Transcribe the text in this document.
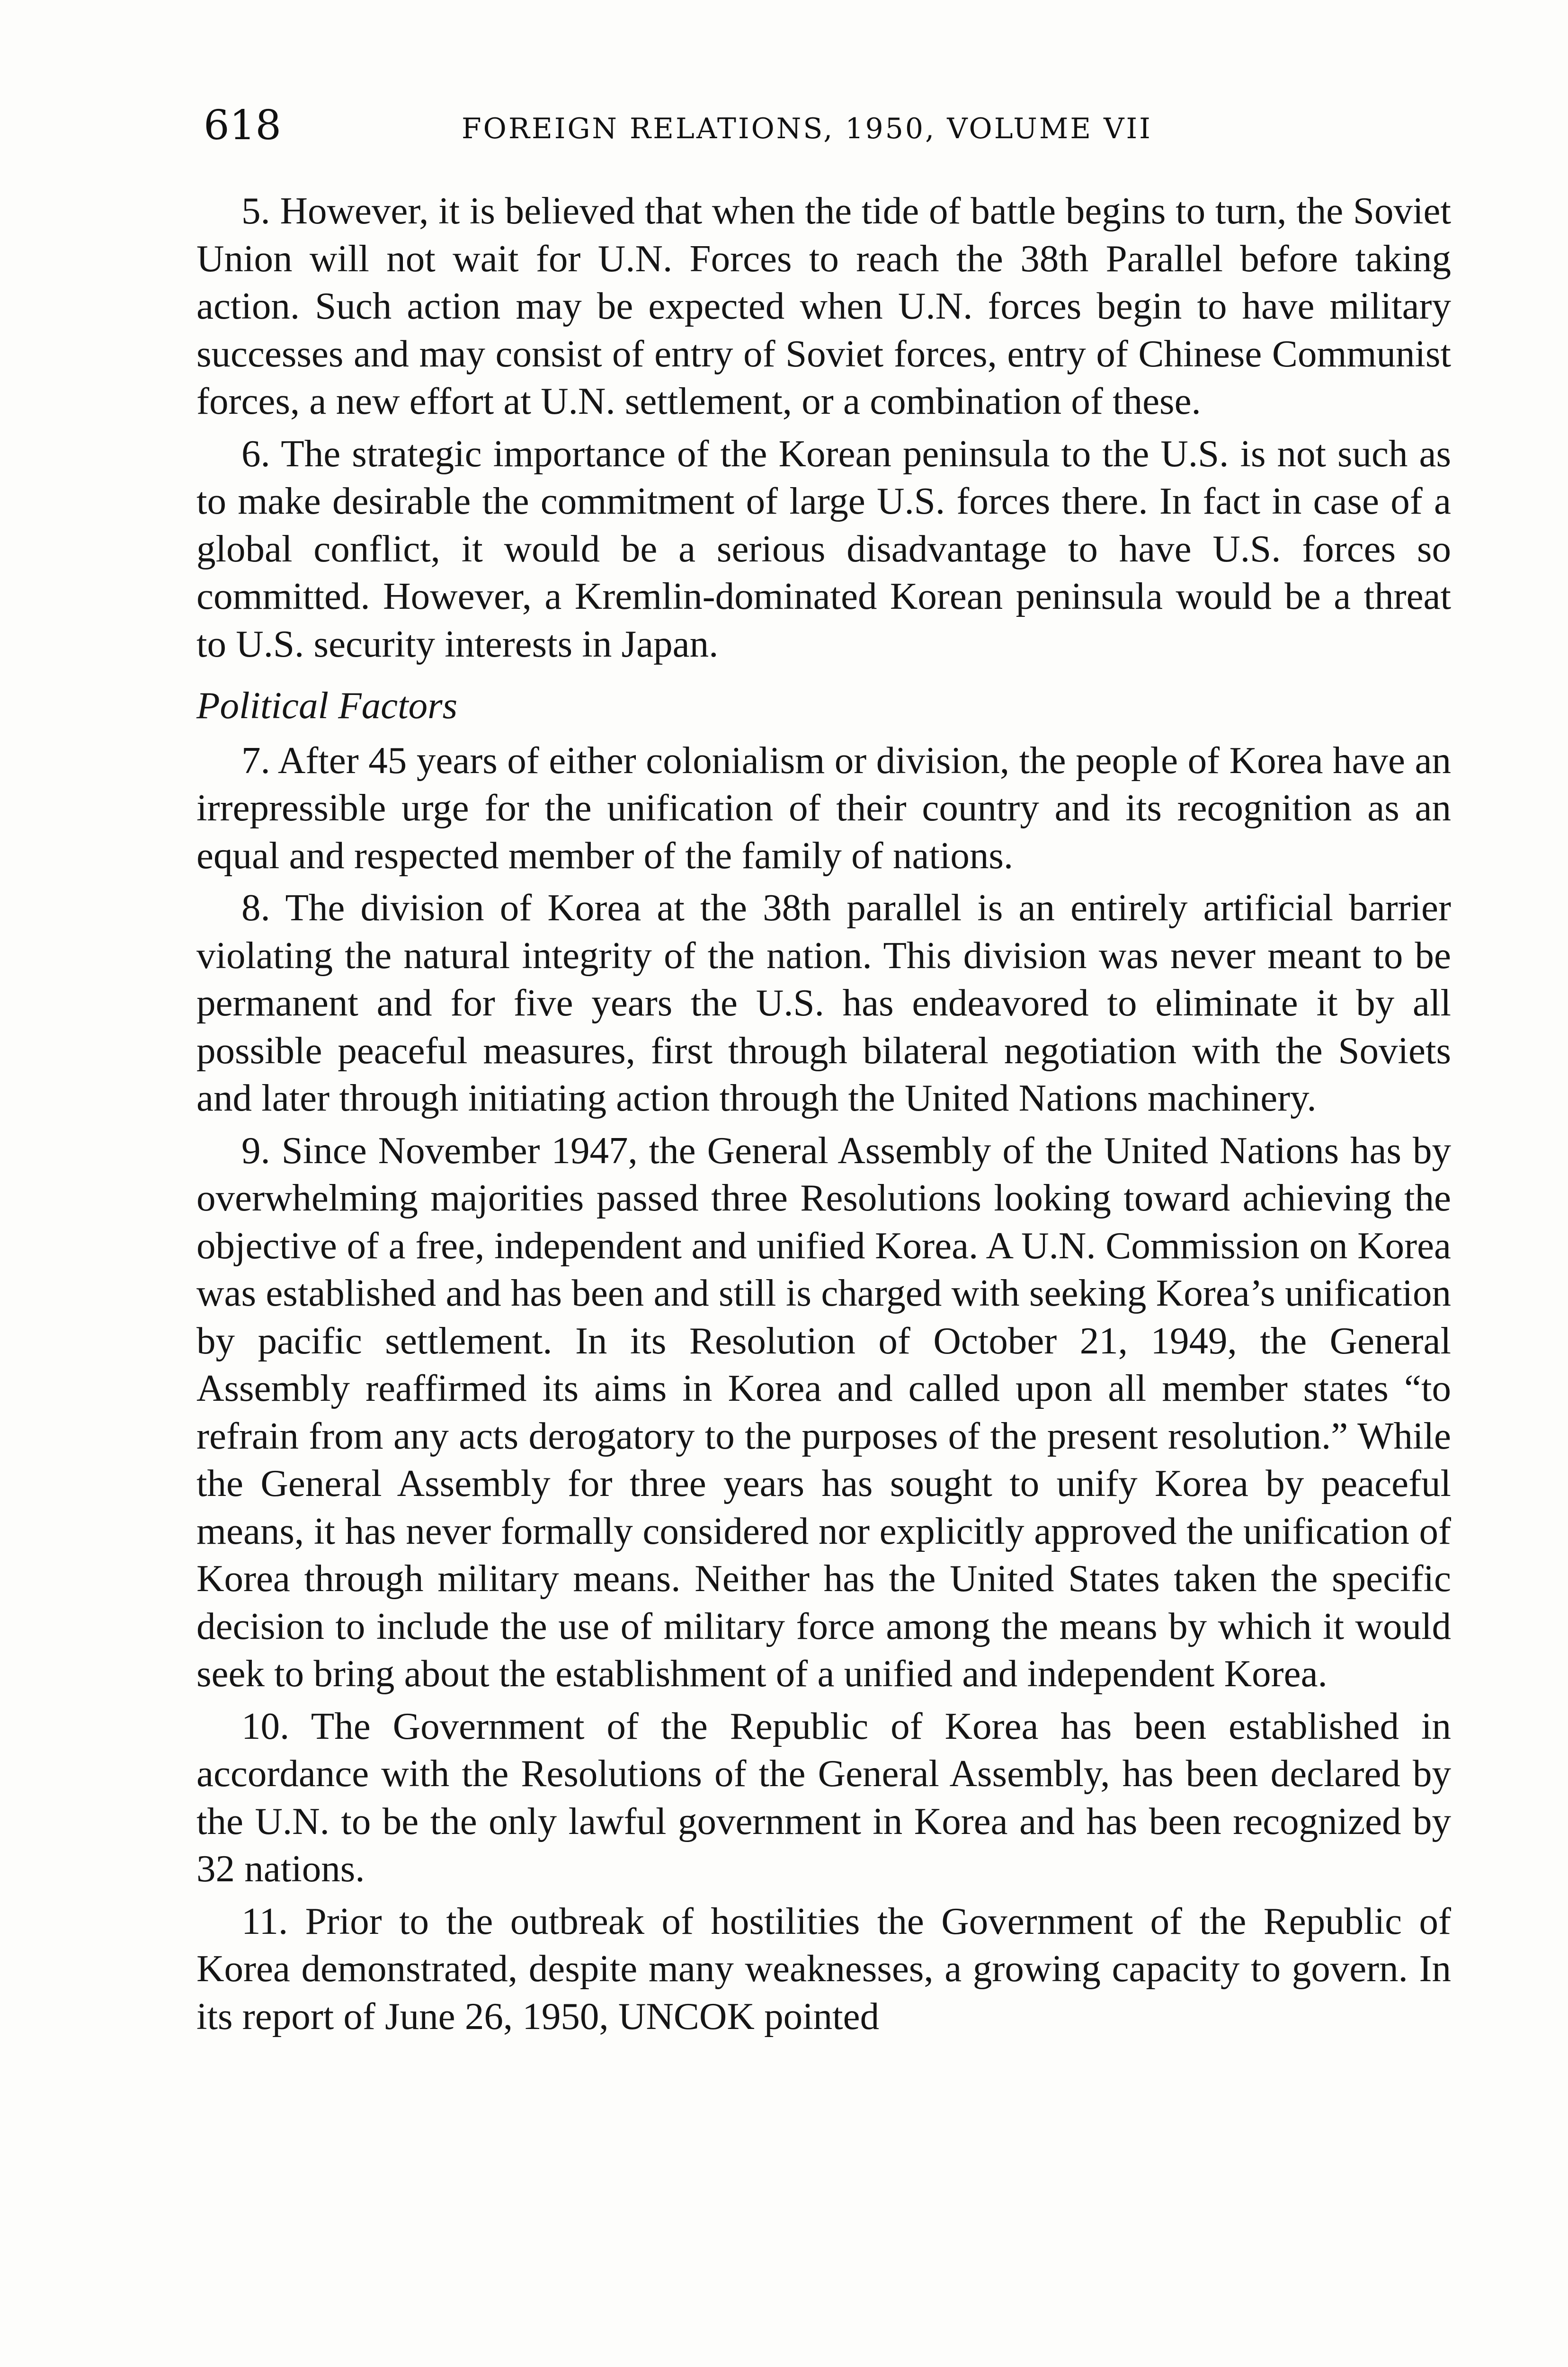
618	FOREIGN RELATIONS, 1950, VOLUME VII

5. However, it is believed that when the tide of battle begins to turn, the Soviet Union will not wait for U.N. Forces to reach the 38th Parallel before taking action. Such action may be expected when U.N. forces begin to have military successes and may consist of entry of Soviet forces, entry of Chinese Communist forces, a new effort at U.N. settlement, or a combination of these.

6. The strategic importance of the Korean peninsula to the U.S. is not such as to make desirable the commitment of large U.S. forces there. In fact in case of a global conflict, it would be a serious disadvantage to have U.S. forces so committed. However, a Kremlin-dominated Korean peninsula would be a threat to U.S. security interests in Japan.

Political Factors

7. After 45 years of either colonialism or division, the people of Korea have an irrepressible urge for the unification of their country and its recognition as an equal and respected member of the family of nations.

8. The division of Korea at the 38th parallel is an entirely artificial barrier violating the natural integrity of the nation. This division was never meant to be permanent and for five years the U.S. has endeavored to eliminate it by all possible peaceful measures, first through bilateral negotiation with the Soviets and later through initiating action through the United Nations machinery.

9. Since November 1947, the General Assembly of the United Nations has by overwhelming majorities passed three Resolutions looking toward achieving the objective of a free, independent and unified Korea. A U.N. Commission on Korea was established and has been and still is charged with seeking Korea’s unification by pacific settlement. In its Resolution of October 21, 1949, the General Assembly reaffirmed its aims in Korea and called upon all member states “to refrain from any acts derogatory to the purposes of the present resolution.” While the General Assembly for three years has sought to unify Korea by peaceful means, it has never formally considered nor explicitly approved the unification of Korea through military means. Neither has the United States taken the specific decision to include the use of military force among the means by which it would seek to bring about the establishment of a unified and independent Korea.

10. The Government of the Republic of Korea has been established in accordance with the Resolutions of the General Assembly, has been declared by the U.N. to be the only lawful government in Korea and has been recognized by 32 nations.

11. Prior to the outbreak of hostilities the Government of the Republic of Korea demonstrated, despite many weaknesses, a growing capacity to govern. In its report of June 26, 1950, UNCOK pointed
